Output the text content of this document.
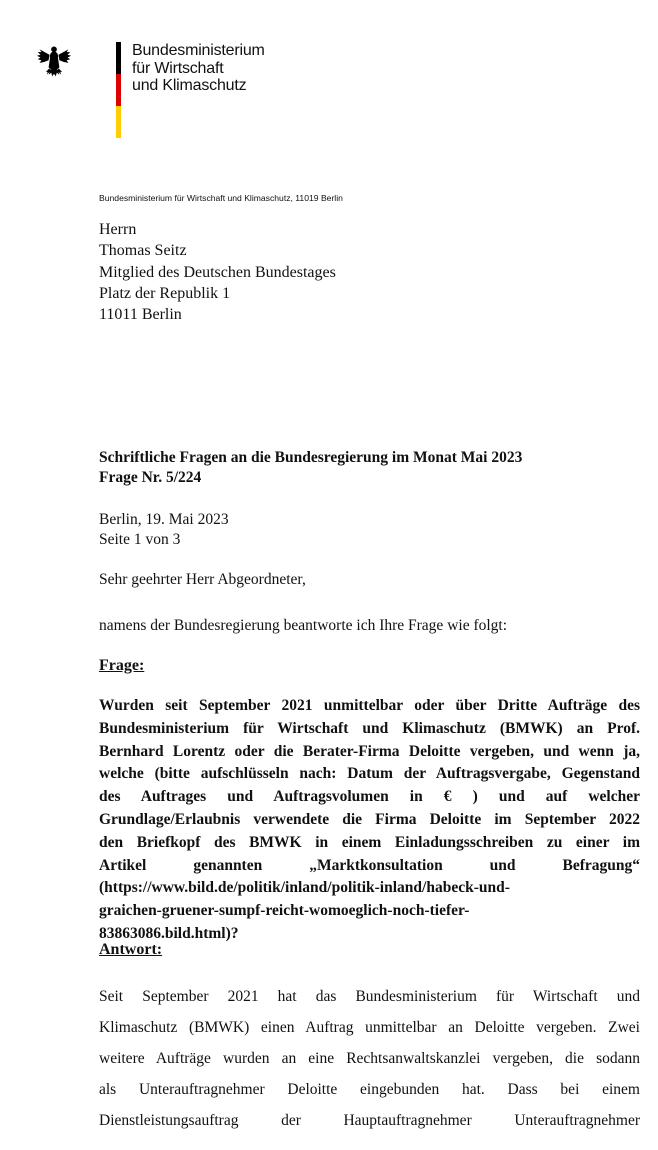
Bundesministerium
für Wirtschaft
und Klimaschutz
Bundesministerium für Wirtschaft und Klimaschutz, 11019 Berlin
Herrn
Thomas Seitz
Mitglied des Deutschen Bundestages
Platz der Republik 1
11011 Berlin
Schriftliche Fragen an die Bundesregierung im Monat Mai 2023
Frage Nr. 5/224
Berlin, 19. Mai 2023
Seite 1 von 3
Sehr geehrter Herr Abgeordneter,
namens der Bundesregierung beantworte ich Ihre Frage wie folgt:
Frage:
Wurden seit September 2021 unmittelbar oder über Dritte Aufträge des
Bundesministerium für Wirtschaft und Klimaschutz (BMWK) an Prof.
Bernhard Lorentz oder die Berater-Firma Deloitte vergeben, und wenn ja,
welche (bitte aufschlüsseln nach: Datum der Auftragsvergabe, Gegenstand
des Auftrages und Auftragsvolumen in € ) und auf welcher
Grundlage/Erlaubnis verwendete die Firma Deloitte im September 2022
den Briefkopf des BMWK in einem Einladungsschreiben zu einer im
Artikel genannten „Marktkonsultation und Befragung“
(https://www.bild.de/politik/inland/politik-inland/habeck-und-
graichen-gruener-sumpf-reicht-womoeglich-noch-tiefer-
83863086.bild.html)?
Antwort:
Seit September 2021 hat das Bundesministerium für Wirtschaft und
Klimaschutz (BMWK) einen Auftrag unmittelbar an Deloitte vergeben. Zwei
weitere Aufträge wurden an eine Rechtsanwaltskanzlei vergeben, die sodann
als Unterauftragnehmer Deloitte eingebunden hat. Dass bei einem
Dienstleistungsauftrag der Hauptauftragnehmer Unterauftragnehmer
